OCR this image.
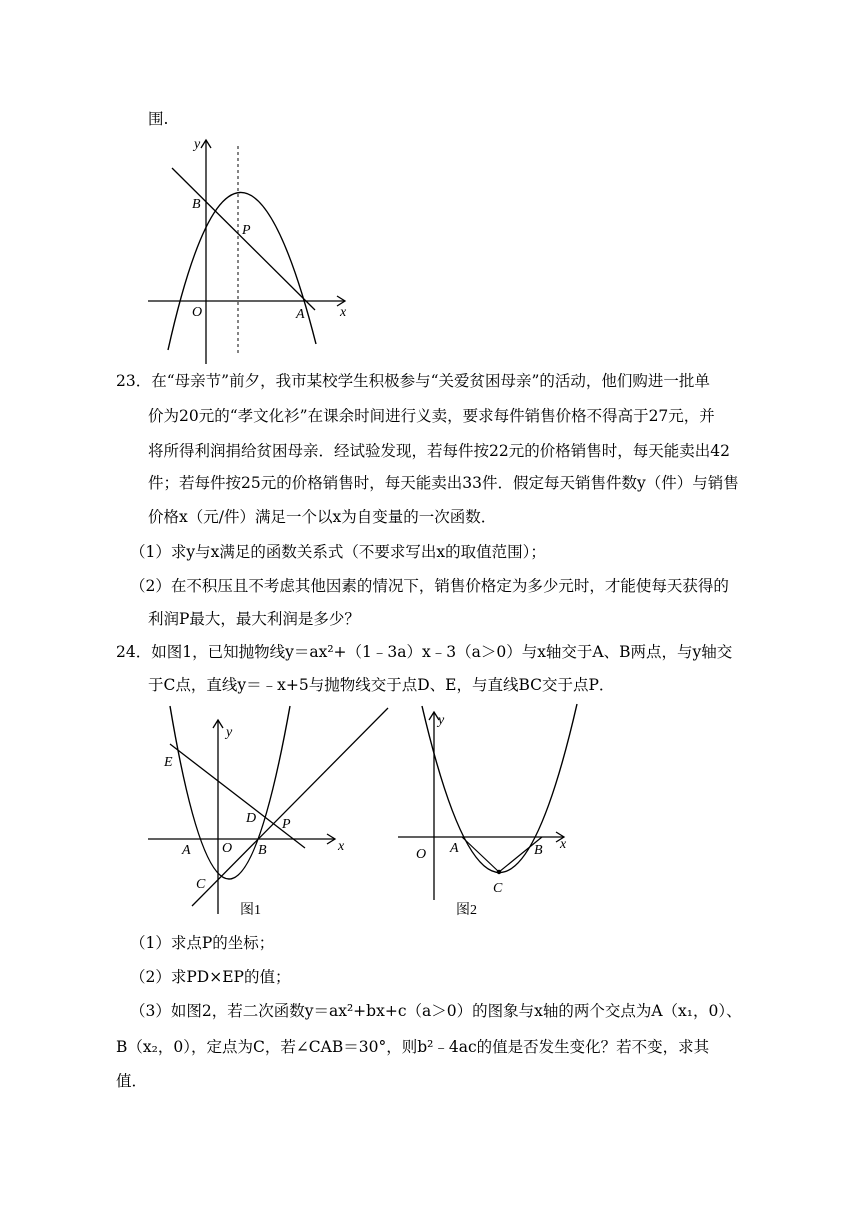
围.
y
x
O	A
B
P
23．在“母亲节”前夕，我市某校学生积极参与“关爱贫困母亲”的活动，他们购进一批单
价为20元的“孝文化衫”在课余时间进行义卖，要求每件销售价格不得高于27元，并
将所得利润捐给贫困母亲．经试验发现，若每件按22元的价格销售时，每天能卖出42
件；若每件按25元的价格销售时，每天能卖出33件．假定每天销售件数y（件）与销售
价格x（元/件）满足一个以x为自变量的一次函数．
（1）求y与x满足的函数关系式（不要求写出x的取值范围）；
（2）在不积压且不考虑其他因素的情况下，销售价格定为多少元时，才能使每天获得的
利润P最大，最大利润是多少？
24．如图1，已知抛物线y＝ax²+（1﹣3a）x﹣3（a＞0）与x轴交于A、B两点，与y轴交
于C点，直线y＝﹣x+5与抛物线交于点D、E，与直线BC交于点P．
y
x
E
D P
A O B
C
图1
y
x
O A	B
C
图2
（1）求点P的坐标；
（2）求PD×EP的值；
（3）如图2，若二次函数y＝ax²+bx+c（a＞0）的图象与x轴的两个交点为A（x₁，0）、
B（x₂，0），定点为C，若∠CAB＝30°，则b²﹣4ac的值是否发生变化？若不变，求其
值．
